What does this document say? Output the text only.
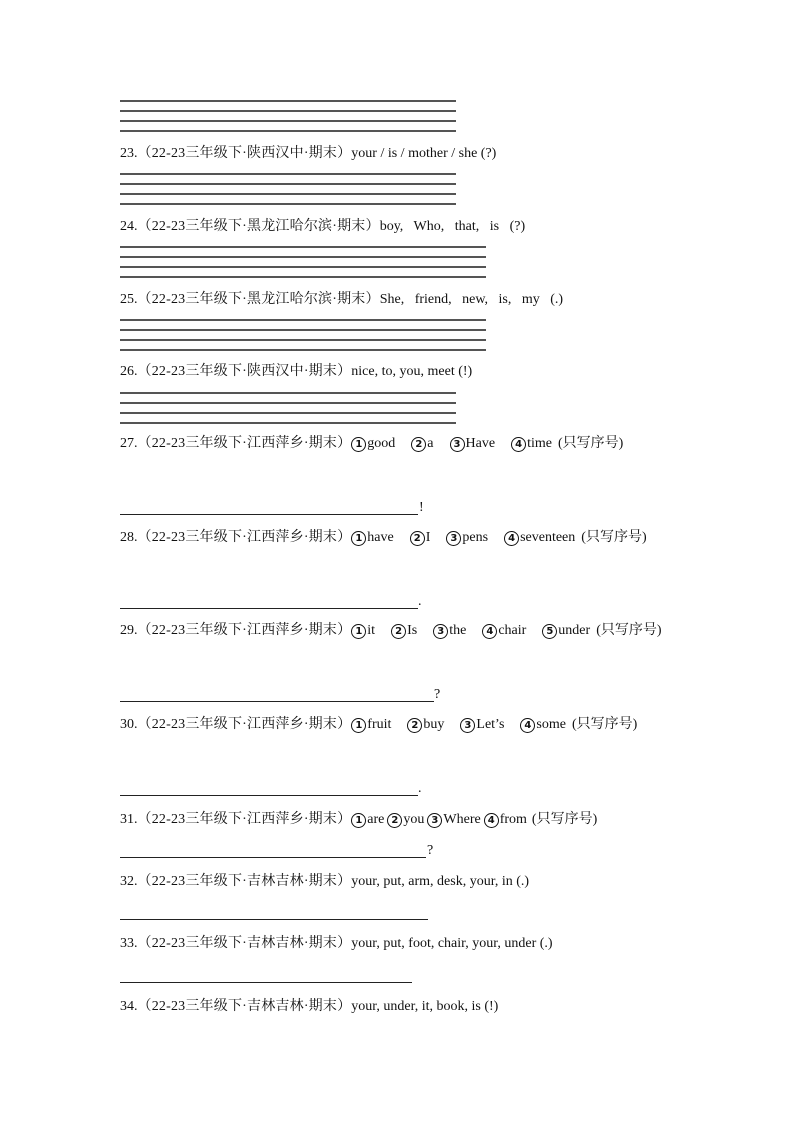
23.（22-23三年级下·陕西汉中·期末）your / is / mother / she (?)
24.（22-23三年级下·黑龙江哈尔滨·期末）boy,   Who,   that,   is   (?)
25.（22-23三年级下·黑龙江哈尔滨·期末）She,   friend,   new,   is,   my   (.)
26.（22-23三年级下·陕西汉中·期末）nice, to, you, meet (!)
27.（22-23三年级下·江西萍乡·期末） 1 good 2 a 3 Have 4 time (只写序号)
!
28.（22-23三年级下·江西萍乡·期末） 1 have 2 I 3 pens 4 seventeen (只写序号)
.
29.（22-23三年级下·江西萍乡·期末） 1 it 2 Is 3 the 4 chair 5 under (只写序号)
?
30.（22-23三年级下·江西萍乡·期末） 1 fruit 2 buy 3 Let’s 4 some (只写序号)
.
31.（22-23三年级下·江西萍乡·期末） 1 are 2 you 3 Where 4 from (只写序号)
?
32.（22-23三年级下·吉林吉林·期末）your, put, arm, desk, your, in (.)
33.（22-23三年级下·吉林吉林·期末）your, put, foot, chair, your, under (.)
34.（22-23三年级下·吉林吉林·期末）your, under, it, book, is (!)
